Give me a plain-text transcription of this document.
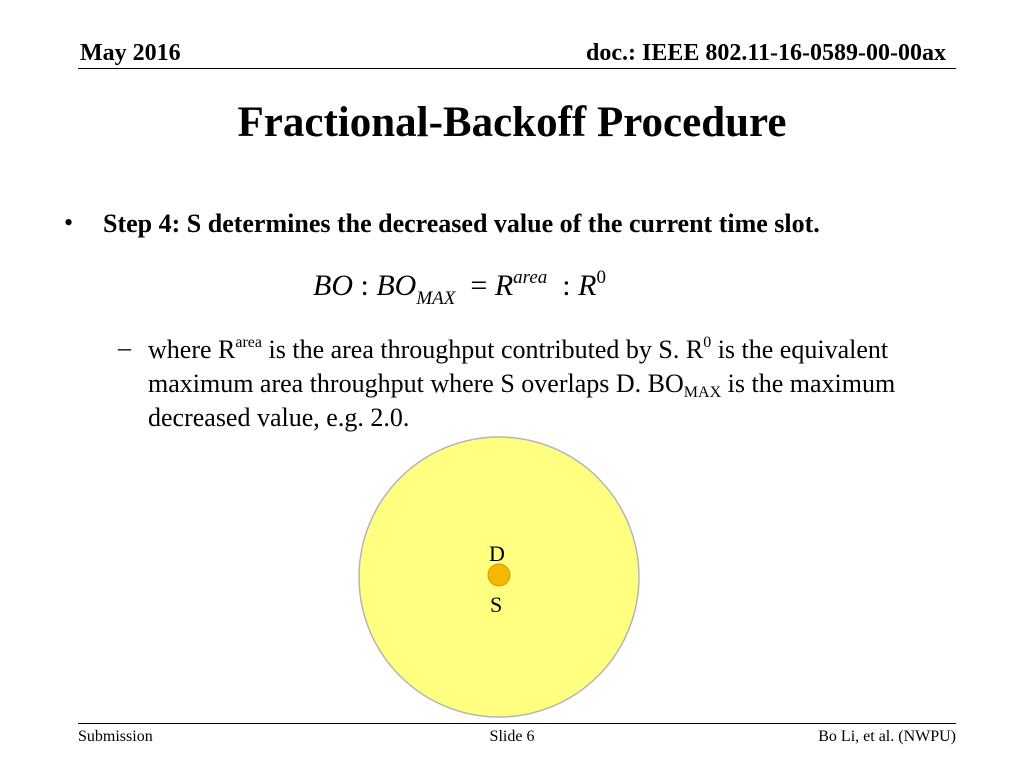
May 2016	doc.: IEEE 802.11-16-0589-00-00ax
Fractional-Backoff Procedure
• Step 4: S determines the decreased value of the current time slot.
BO : $BO_{MAX} = R^{area}$ : $R^0$
– where $R^{area}$ is the area throughput contributed by S. $R^0$ is the equivalent maximum area throughput where S overlaps D. $BO_{MAX}$ is the maximum decreased value, e.g. 2.0.
D
S
Submission	Slide 6	Bo Li, et al. (NWPU)
